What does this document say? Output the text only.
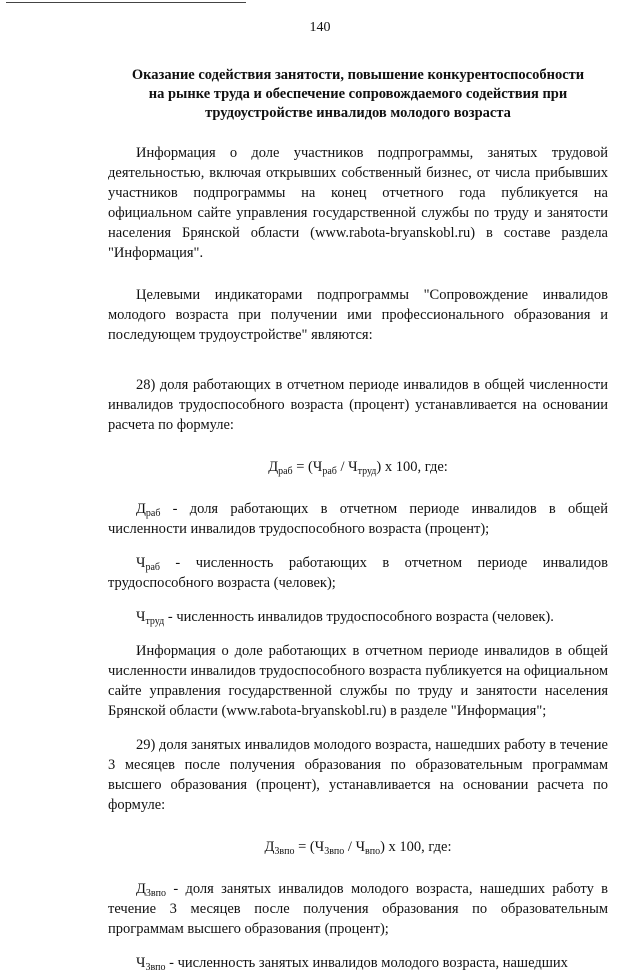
140
Оказание содействия занятости, повышение конкурентоспособности
на рынке труда и обеспечение сопровождаемого содействия при
трудоустройстве инвалидов молодого возраста

Информация о доле участников подпрограммы, занятых трудовой деятельностью, включая открывших собственный бизнес, от числа прибывших участников подпрограммы на конец отчетного года публикуется на официальном сайте управления государственной службы по труду и занятости населения Брянской области (www.rabota-bryanskobl.ru) в составе раздела "Информация".

Целевыми индикаторами подпрограммы "Сопровождение инвалидов молодого возраста при получении ими профессионального образования и последующем трудоустройстве" являются:

28) доля работающих в отчетном периоде инвалидов в общей численности инвалидов трудоспособного возраста (процент) устанавливается на основании расчета по формуле:

$Д_{раб} = (Ч_{раб} / Ч_{труд})$ х 100, где:

$Д_{раб}$ - доля работающих в отчетном периоде инвалидов в общей численности инвалидов трудоспособного возраста (процент);

$Ч_{раб}$ - численность работающих в отчетном периоде инвалидов трудоспособного возраста (человек);

$Ч_{труд}$ - численность инвалидов трудоспособного возраста (человек).

Информация о доле работающих в отчетном периоде инвалидов в общей численности инвалидов трудоспособного возраста публикуется на официальном сайте управления государственной службы по труду и занятости населения Брянской области (www.rabota-bryanskobl.ru) в разделе "Информация";

29) доля занятых инвалидов молодого возраста, нашедших работу в течение 3 месяцев после получения образования по образовательным программам высшего образования (процент), устанавливается на основании расчета по формуле:

$Д_{3впо} = (Ч_{3впо} / Ч_{впо})$ х 100, где:

$Д_{3впо}$ - доля занятых инвалидов молодого возраста, нашедших работу в течение 3 месяцев после получения образования по образовательным программам высшего образования (процент);

$Ч_{3впо}$ - численность занятых инвалидов молодого возраста, нашедших
